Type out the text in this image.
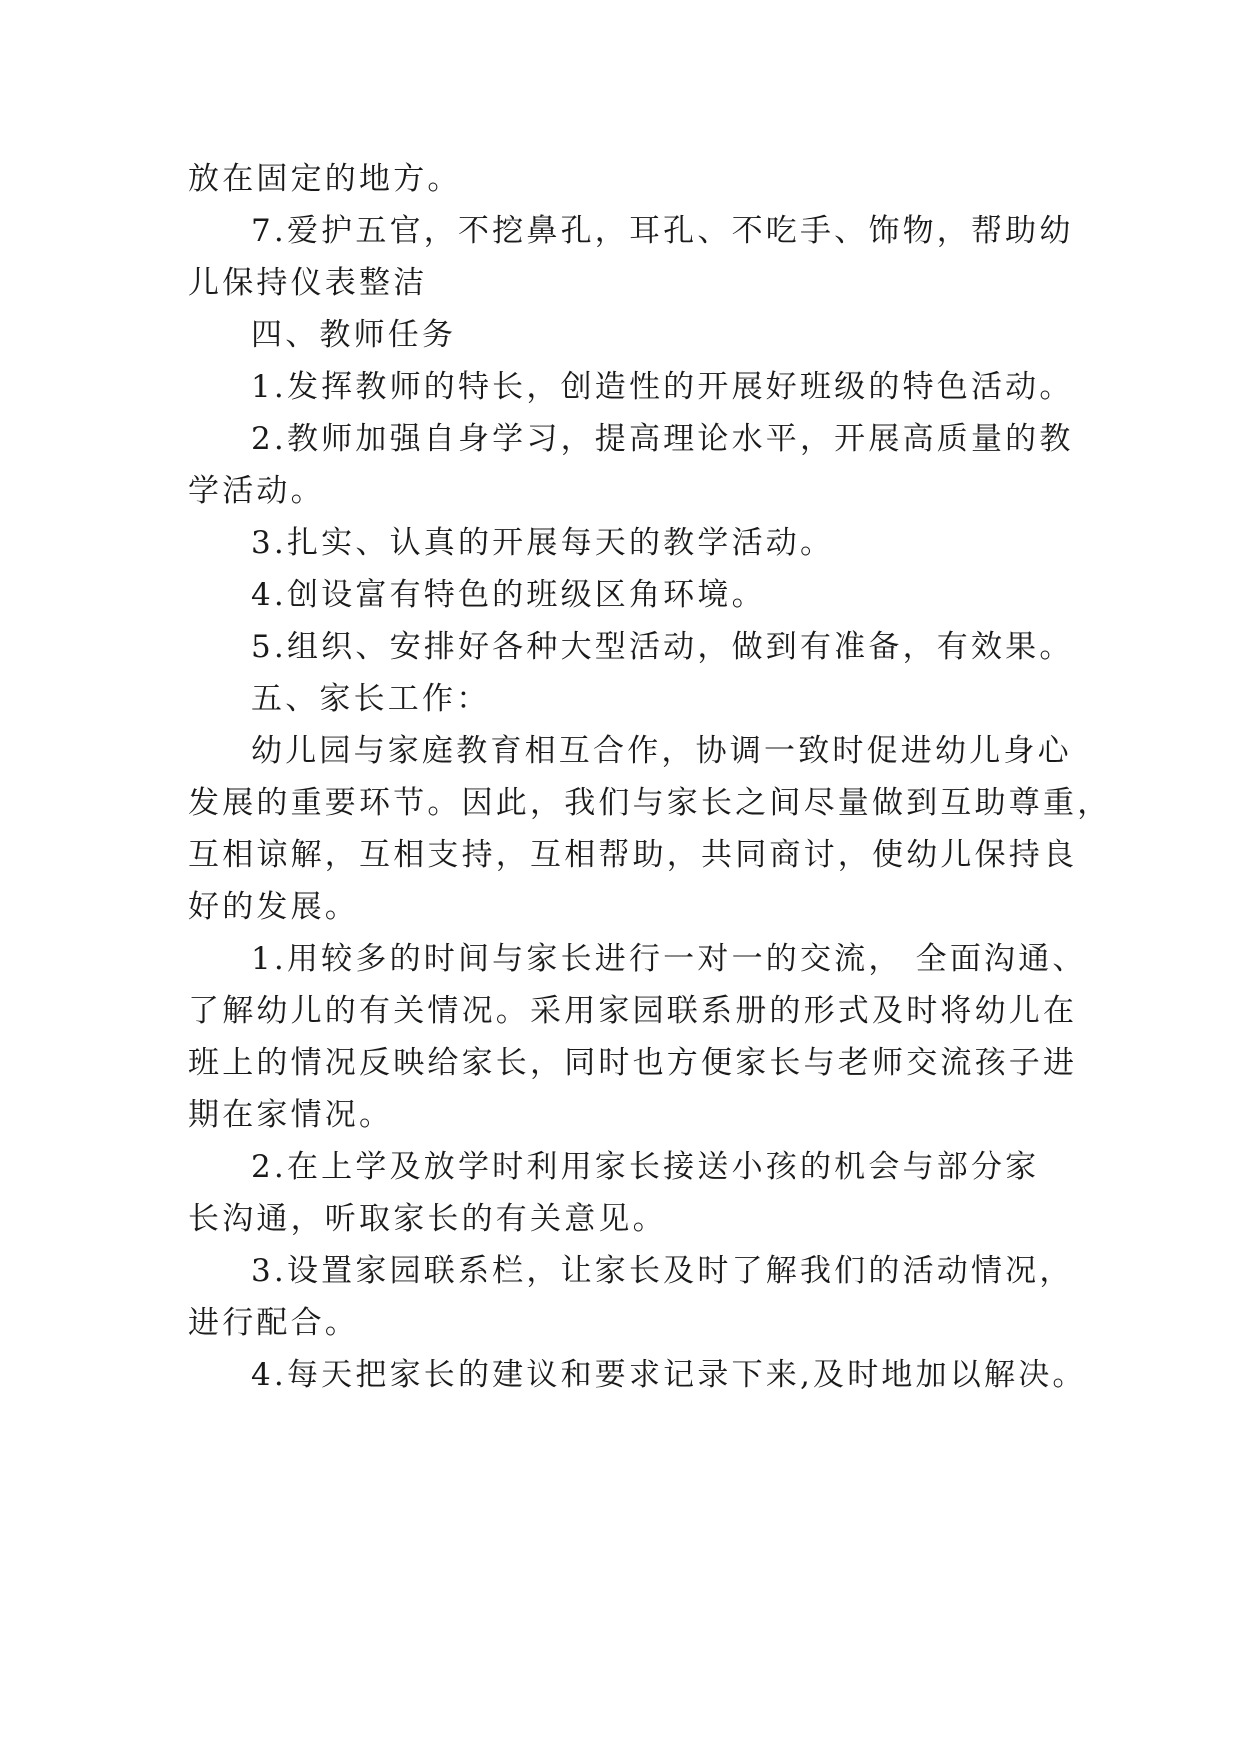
放在固定的地方。
7.爱护五官，不挖鼻孔，耳孔、不吃手、饰物，帮助幼
儿保持仪表整洁
四、教师任务
1.发挥教师的特长，创造性的开展好班级的特色活动。
2.教师加强自身学习，提高理论水平，开展高质量的教
学活动。
3.扎实、认真的开展每天的教学活动。
4.创设富有特色的班级区角环境。
5.组织、安排好各种大型活动，做到有准备，有效果。
五、家长工作：
幼儿园与家庭教育相互合作，协调一致时促进幼儿身心
发展的重要环节。因此，我们与家长之间尽量做到互助尊重，
互相谅解，互相支持，互相帮助，共同商讨，使幼儿保持良
好的发展。
1.用较多的时间与家长进行一对一的交流， 全面沟通、
了解幼儿的有关情况。采用家园联系册的形式及时将幼儿在
班上的情况反映给家长，同时也方便家长与老师交流孩子进
期在家情况。
2.在上学及放学时利用家长接送小孩的机会与部分家
长沟通，听取家长的有关意见。
3.设置家园联系栏，让家长及时了解我们的活动情况，
进行配合。
4.每天把家长的建议和要求记录下来,及时地加以解决。
